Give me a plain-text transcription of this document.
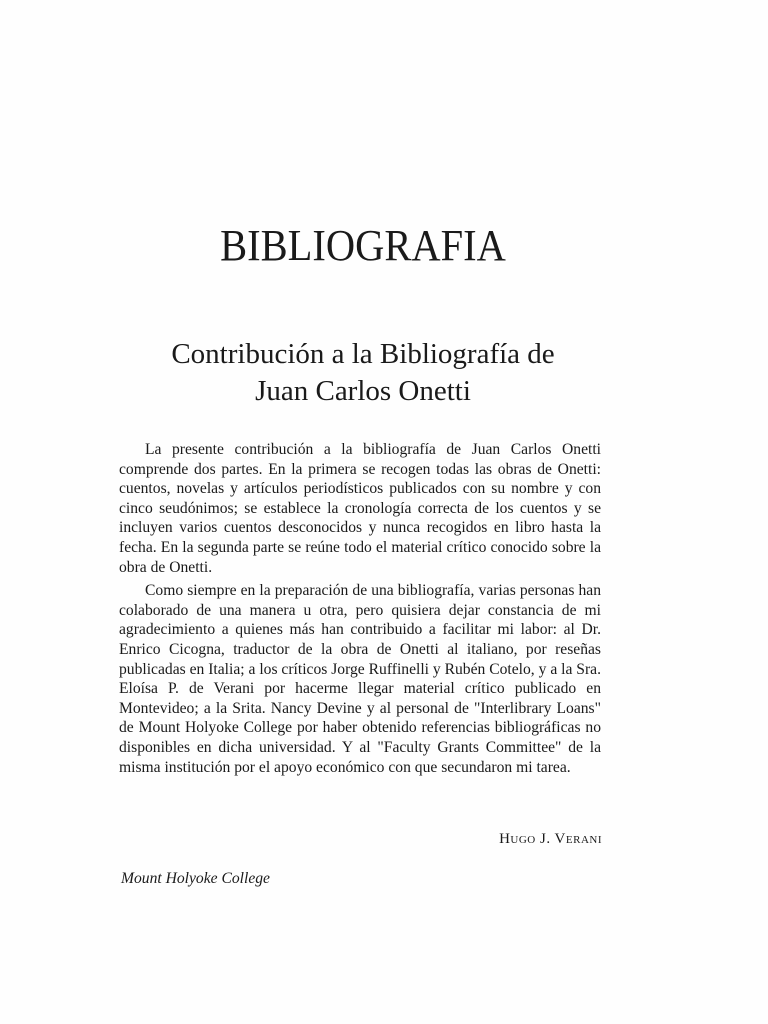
BIBLIOGRAFIA
Contribución a la Bibliografía de
Juan Carlos Onetti

La presente contribución a la bibliografía de Juan Carlos Onetti comprende dos partes. En la primera se recogen todas las obras de Onetti: cuentos, novelas y artículos periodísticos publicados con su nombre y con cinco seudónimos; se establece la cronología correcta de los cuentos y se incluyen varios cuentos desconocidos y nunca recogidos en libro hasta la fecha. En la segunda parte se reúne todo el material crítico conocido sobre la obra de Onetti.

Como siempre en la preparación de una bibliografía, varias personas han colaborado de una manera u otra, pero quisiera dejar constancia de mi agradecimiento a quienes más han contribuido a facilitar mi labor: al Dr. Enrico Cicogna, traductor de la obra de Onetti al italiano, por reseñas publicadas en Italia; a los críticos Jorge Ruffinelli y Rubén Cotelo, y a la Sra. Eloísa P. de Verani por hacerme llegar material crítico publicado en Montevideo; a la Srita. Nancy Devine y al personal de "Interlibrary Loans" de Mount Holyoke College por haber obtenido referencias bibliográficas no disponibles en dicha universidad. Y al "Faculty Grants Committee" de la misma institución por el apoyo económico con que secundaron mi tarea.

Hugo J. Verani

Mount Holyoke College
